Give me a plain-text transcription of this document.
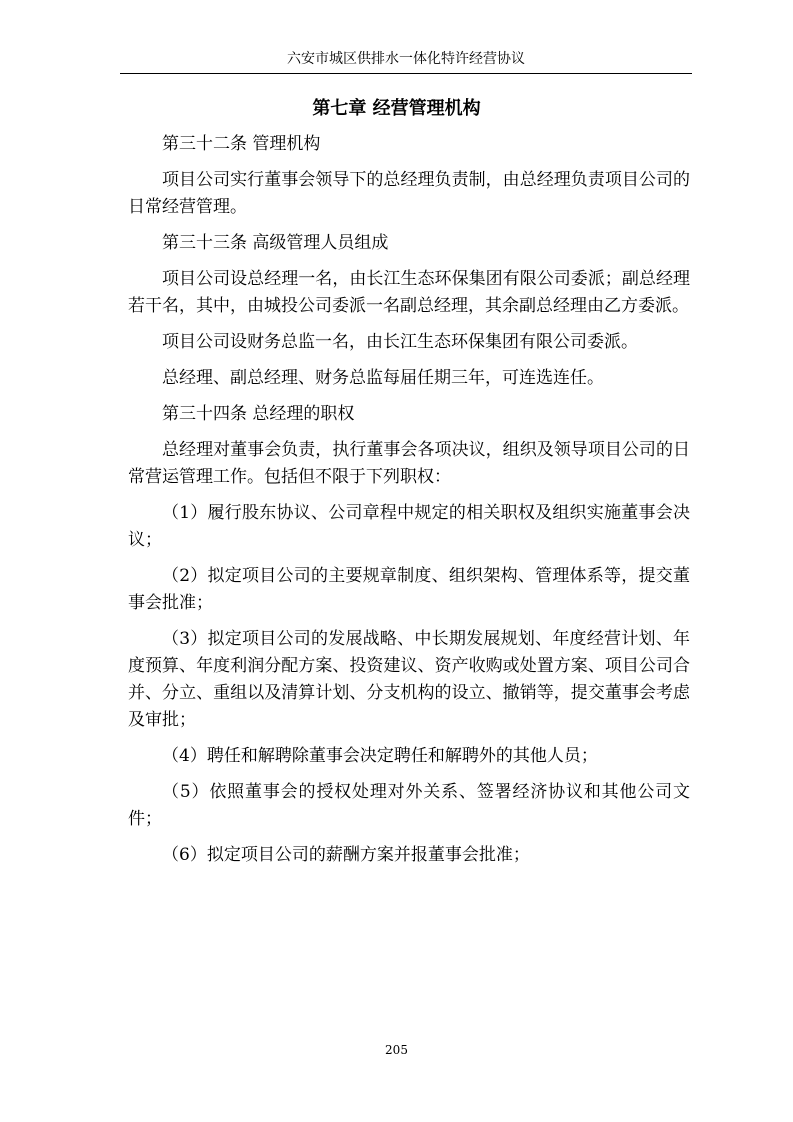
六安市城区供排水一体化特许经营协议
第七章 经营管理机构

第三十二条 管理机构

项目公司实行董事会领导下的总经理负责制，由总经理负责项目公司的日常经营管理。

第三十三条 高级管理人员组成

项目公司设总经理一名，由长江生态环保集团有限公司委派；副总经理若干名，其中，由城投公司委派一名副总经理，其余副总经理由乙方委派。

项目公司设财务总监一名，由长江生态环保集团有限公司委派。

总经理、副总经理、财务总监每届任期三年，可连选连任。

第三十四条 总经理的职权

总经理对董事会负责，执行董事会各项决议，组织及领导项目公司的日常营运管理工作。包括但不限于下列职权：

（1）履行股东协议、公司章程中规定的相关职权及组织实施董事会决议；

（2）拟定项目公司的主要规章制度、组织架构、管理体系等，提交董事会批准；

（3）拟定项目公司的发展战略、中长期发展规划、年度经营计划、年度预算、年度利润分配方案、投资建议、资产收购或处置方案、项目公司合并、分立、重组以及清算计划、分支机构的设立、撤销等，提交董事会考虑及审批；

（4）聘任和解聘除董事会决定聘任和解聘外的其他人员；

（5）依照董事会的授权处理对外关系、签署经济协议和其他公司文件；

（6）拟定项目公司的薪酬方案并报董事会批准；

205
